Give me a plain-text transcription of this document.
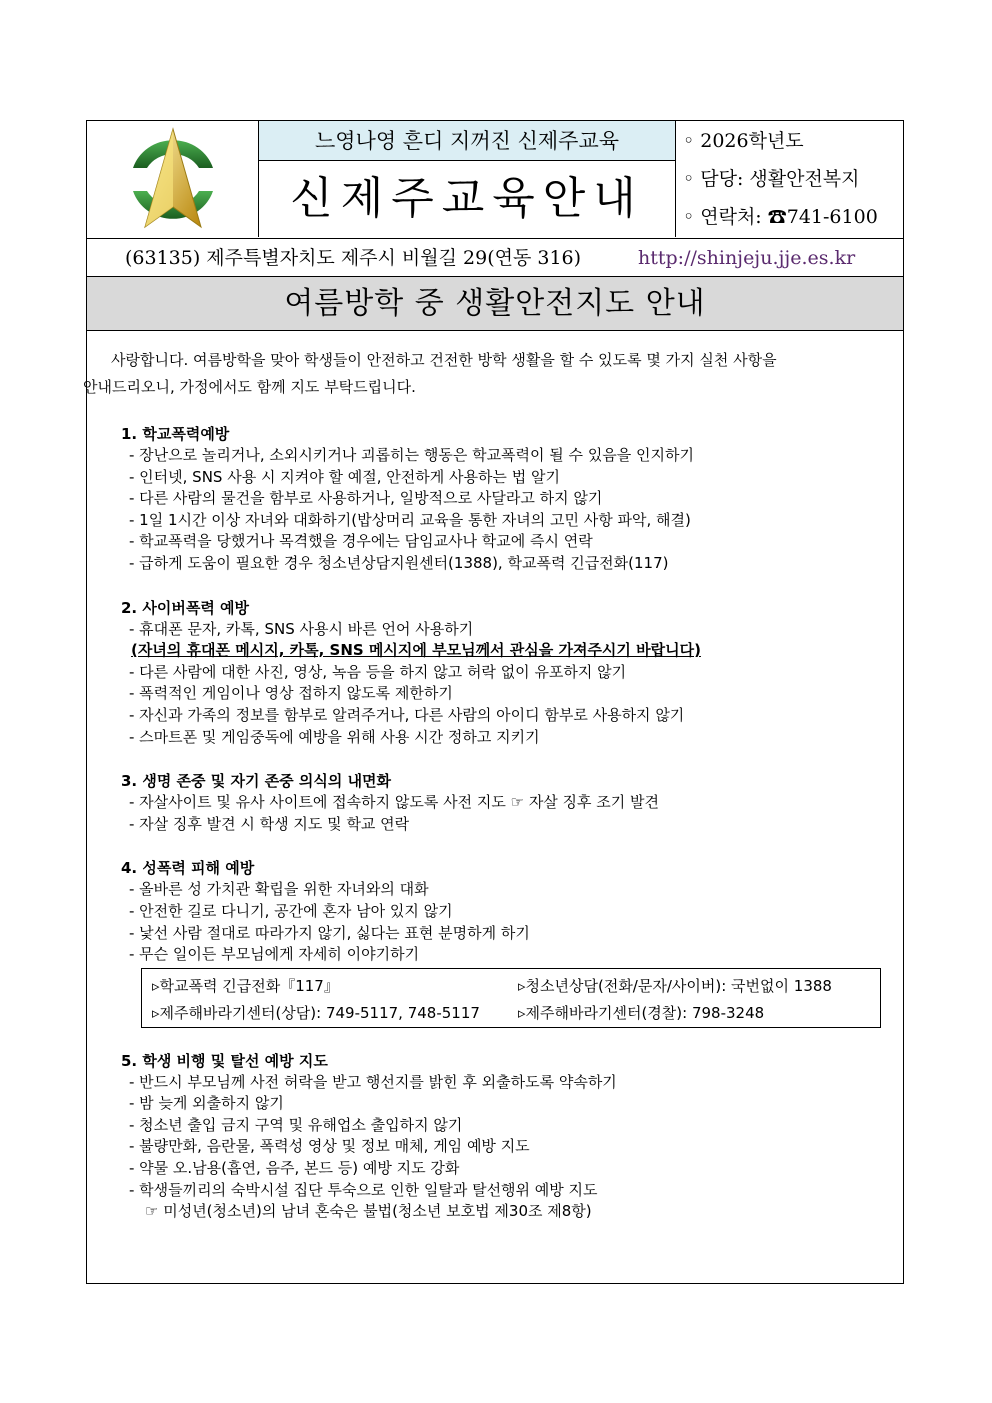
느영나영 흔디 지꺼진 신제주교육
신제주교육안내
◦ 2026학년도
◦ 담당: 생활안전복지
◦ 연락처: ☎741-6100
(63135) 제주특별자치도 제주시 비월길 29(연동 316)	http://shinjeju.jje.es.kr
여름방학 중 생활안전지도 안내

사랑합니다. 여름방학을 맞아 학생들이 안전하고 건전한 방학 생활을 할 수 있도록 몇 가지 실천 사항을
안내드리오니, 가정에서도 함께 지도 부탁드립니다.

1. 학교폭력예방
- 장난으로 놀리거나, 소외시키거나 괴롭히는 행동은 학교폭력이 될 수 있음을 인지하기
- 인터넷, SNS 사용 시 지켜야 할 예절, 안전하게 사용하는 법 알기
- 다른 사람의 물건을 함부로 사용하거나, 일방적으로 사달라고 하지 않기
- 1일 1시간 이상 자녀와 대화하기(밥상머리 교육을 통한 자녀의 고민 사항 파악, 해결)
- 학교폭력을 당했거나 목격했을 경우에는 담임교사나 학교에 즉시 연락
- 급하게 도움이 필요한 경우 청소년상담지원센터(1388), 학교폭력 긴급전화(117)
2. 사이버폭력 예방
- 휴대폰 문자, 카톡, SNS 사용시 바른 언어 사용하기
(자녀의 휴대폰 메시지, 카톡, SNS 메시지에 부모님께서 관심을 가져주시기 바랍니다)
- 다른 사람에 대한 사진, 영상, 녹음 등을 하지 않고 허락 없이 유포하지 않기
- 폭력적인 게임이나 영상 접하지 않도록 제한하기
- 자신과 가족의 정보를 함부로 알려주거나, 다른 사람의 아이디 함부로 사용하지 않기
- 스마트폰 및 게임중독에 예방을 위해 사용 시간 정하고 지키기
3. 생명 존중 및 자기 존중 의식의 내면화
- 자살사이트 및 유사 사이트에 접속하지 않도록 사전 지도 ☞ 자살 징후 조기 발견
- 자살 징후 발견 시 학생 지도 및 학교 연락
4. 성폭력 피해 예방
- 올바른 성 가치관 확립을 위한 자녀와의 대화
- 안전한 길로 다니기, 공간에 혼자 남아 있지 않기
- 낯선 사람 절대로 따라가지 않기, 싫다는 표현 분명하게 하기
- 무슨 일이든 부모님에게 자세히 이야기하기
▹학교폭력 긴급전화『117』	▹청소년상담(전화/문자/사이버): 국번없이 1388
▹제주해바라기센터(상담): 749-5117, 748-5117	▹제주해바라기센터(경찰): 798-3248
5. 학생 비행 및 탈선 예방 지도
- 반드시 부모님께 사전 허락을 받고 행선지를 밝힌 후 외출하도록 약속하기
- 밤 늦게 외출하지 않기
- 청소년 출입 금지 구역 및 유해업소 출입하지 않기
- 불량만화, 음란물, 폭력성 영상 및 정보 매체, 게임 예방 지도
- 약물 오.남용(흡연, 음주, 본드 등) 예방 지도 강화
- 학생들끼리의 숙박시설 집단 투숙으로 인한 일탈과 탈선행위 예방 지도
☞ 미성년(청소년)의 남녀 혼숙은 불법(청소년 보호법 제30조 제8항)
